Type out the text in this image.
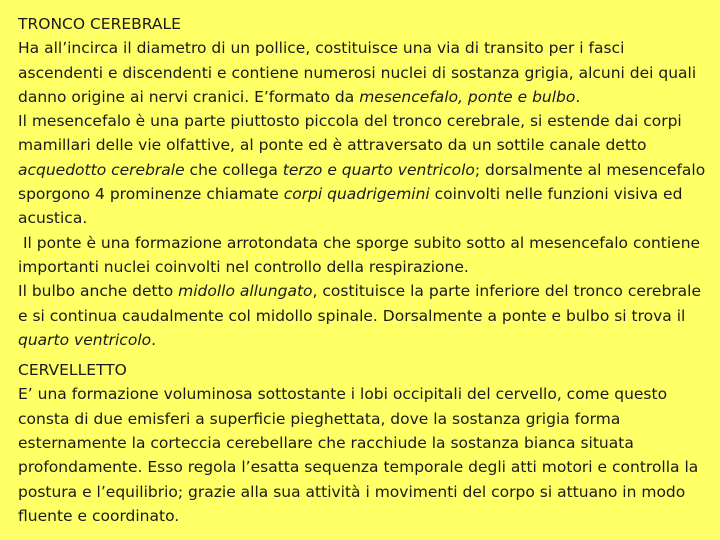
TRONCO CEREBRALE

Ha all’incirca il diametro di un pollice, costituisce una via di transito per i fasci ascendenti e discendenti e contiene numerosi nuclei di sostanza grigia, alcuni dei quali danno origine ai nervi cranici. E’formato da mesencefalo, ponte e bulbo.

Il mesencefalo è una parte piuttosto piccola del tronco cerebrale, si estende dai corpi mamillari delle vie olfattive, al ponte ed è attraversato da un sottile canale detto acquedotto cerebrale che collega terzo e quarto ventricolo; dorsalmente al mesencefalo sporgono 4 prominenze chiamate corpi quadrigemini coinvolti nelle funzioni visiva ed acustica.

Il ponte è una formazione arrotondata che sporge subito sotto al mesencefalo contiene importanti nuclei coinvolti nel controllo della respirazione.

Il bulbo anche detto midollo allungato, costituisce la parte inferiore del tronco cerebrale e si continua caudalmente col midollo spinale. Dorsalmente a ponte e bulbo si trova il quarto ventricolo.

CERVELLETTO

E’ una formazione voluminosa sottostante i lobi occipitali del cervello, come questo consta di due emisferi a superficie pieghettata, dove la sostanza grigia forma esternamente la corteccia cerebellare che racchiude la sostanza bianca situata profondamente. Esso regola l’esatta sequenza temporale degli atti motori e controlla la postura e l’equilibrio; grazie alla sua attività i movimenti del corpo si attuano in modo fluente e coordinato.
